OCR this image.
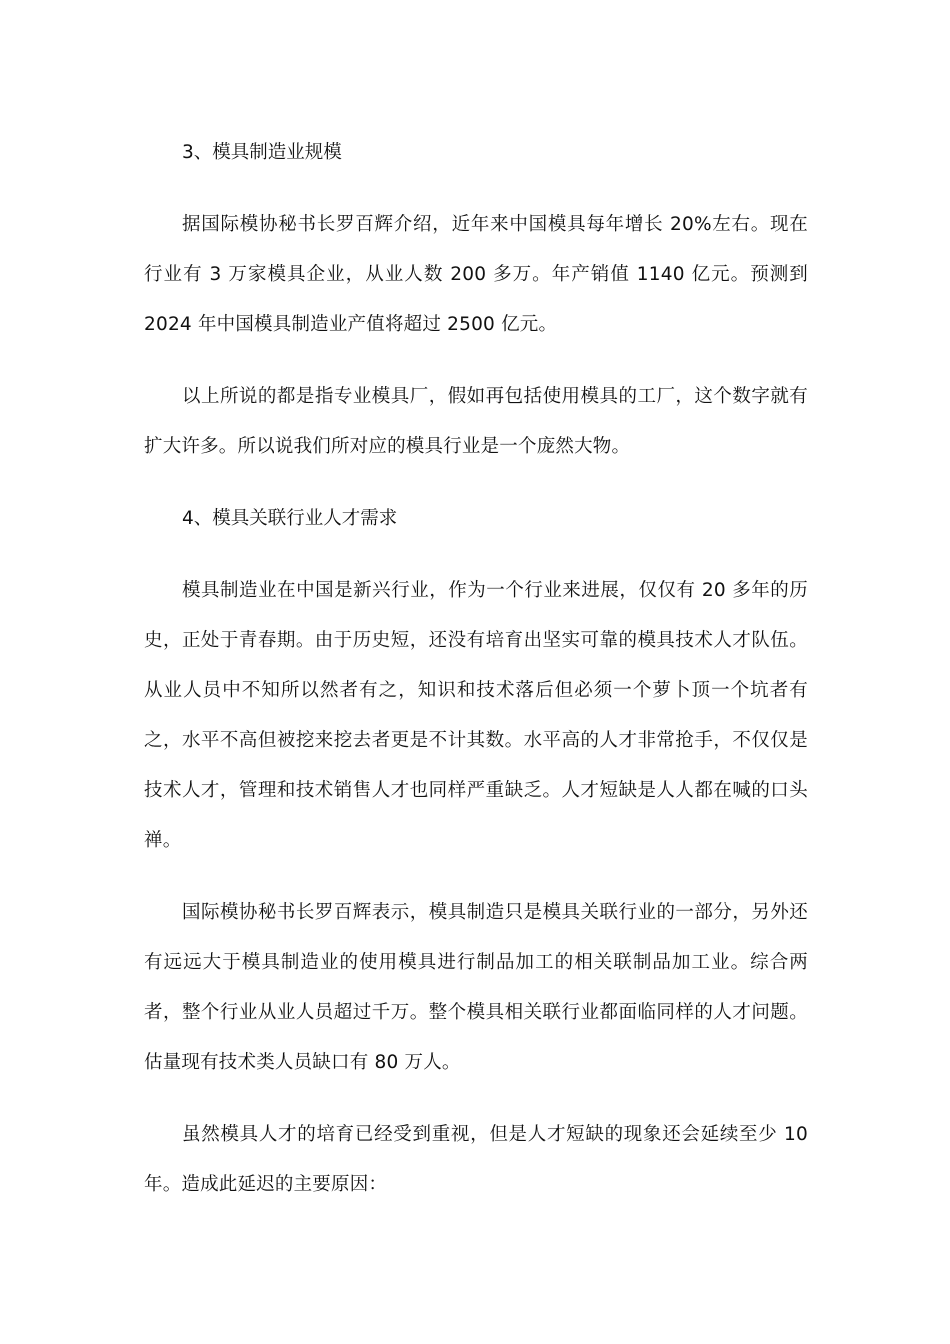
3、模具制造业规模

据国际模协秘书长罗百辉介绍，近年来中国模具每年增长 20%左右。现在行业有 3 万家模具企业，从业人数 200 多万。年产销值 1140 亿元。预测到 2024 年中国模具制造业产值将超过 2500 亿元。

以上所说的都是指专业模具厂，假如再包括使用模具的工厂，这个数字就有扩大许多。所以说我们所对应的模具行业是一个庞然大物。

4、模具关联行业人才需求

模具制造业在中国是新兴行业，作为一个行业来进展，仅仅有 20 多年的历史，正处于青春期。由于历史短，还没有培育出坚实可靠的模具技术人才队伍。从业人员中不知所以然者有之，知识和技术落后但必须一个萝卜顶一个坑者有之，水平不高但被挖来挖去者更是不计其数。水平高的人才非常抢手，不仅仅是技术人才，管理和技术销售人才也同样严重缺乏。人才短缺是人人都在喊的口头禅。

国际模协秘书长罗百辉表示，模具制造只是模具关联行业的一部分，另外还有远远大于模具制造业的使用模具进行制品加工的相关联制品加工业。综合两者，整个行业从业人员超过千万。整个模具相关联行业都面临同样的人才问题。估量现有技术类人员缺口有 80 万人。

虽然模具人才的培育已经受到重视，但是人才短缺的现象还会延续至少 10 年。造成此延迟的主要原因：
